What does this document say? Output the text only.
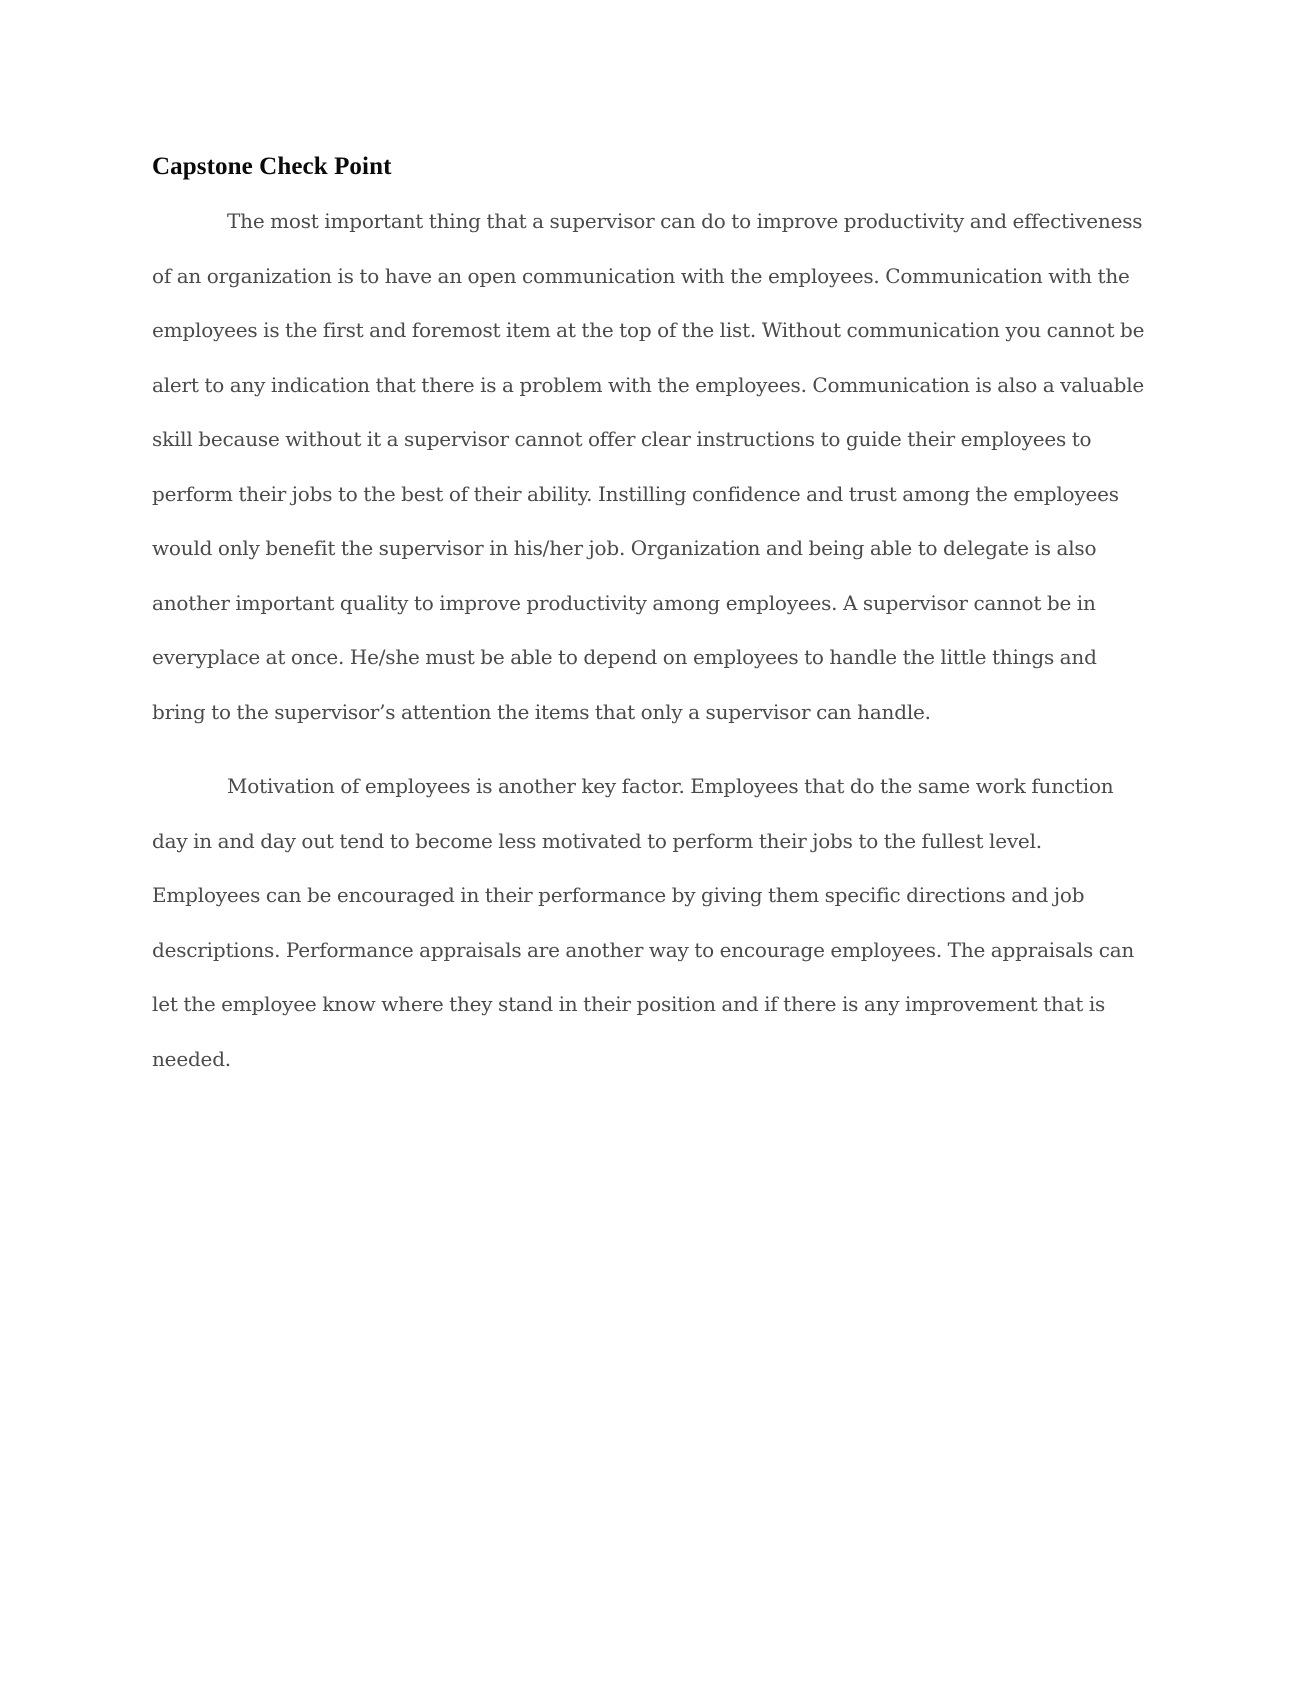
Capstone Check Point

The most important thing that a supervisor can do to improve productivity and effectiveness of an organization is to have an open communication with the employees. Communication with the employees is the first and foremost item at the top of the list. Without communication you cannot be alert to any indication that there is a problem with the employees. Communication is also a valuable skill because without it a supervisor cannot offer clear instructions to guide their employees to perform their jobs to the best of their ability. Instilling confidence and trust among the employees would only benefit the supervisor in his/her job. Organization and being able to delegate is also another important quality to improve productivity among employees. A supervisor cannot be in everyplace at once. He/she must be able to depend on employees to handle the little things and bring to the supervisor’s attention the items that only a supervisor can handle.

Motivation of employees is another key factor. Employees that do the same work function day in and day out tend to become less motivated to perform their jobs to the fullest level. Employees can be encouraged in their performance by giving them specific directions and job descriptions. Performance appraisals are another way to encourage employees. The appraisals can let the employee know where they stand in their position and if there is any improvement that is needed.
